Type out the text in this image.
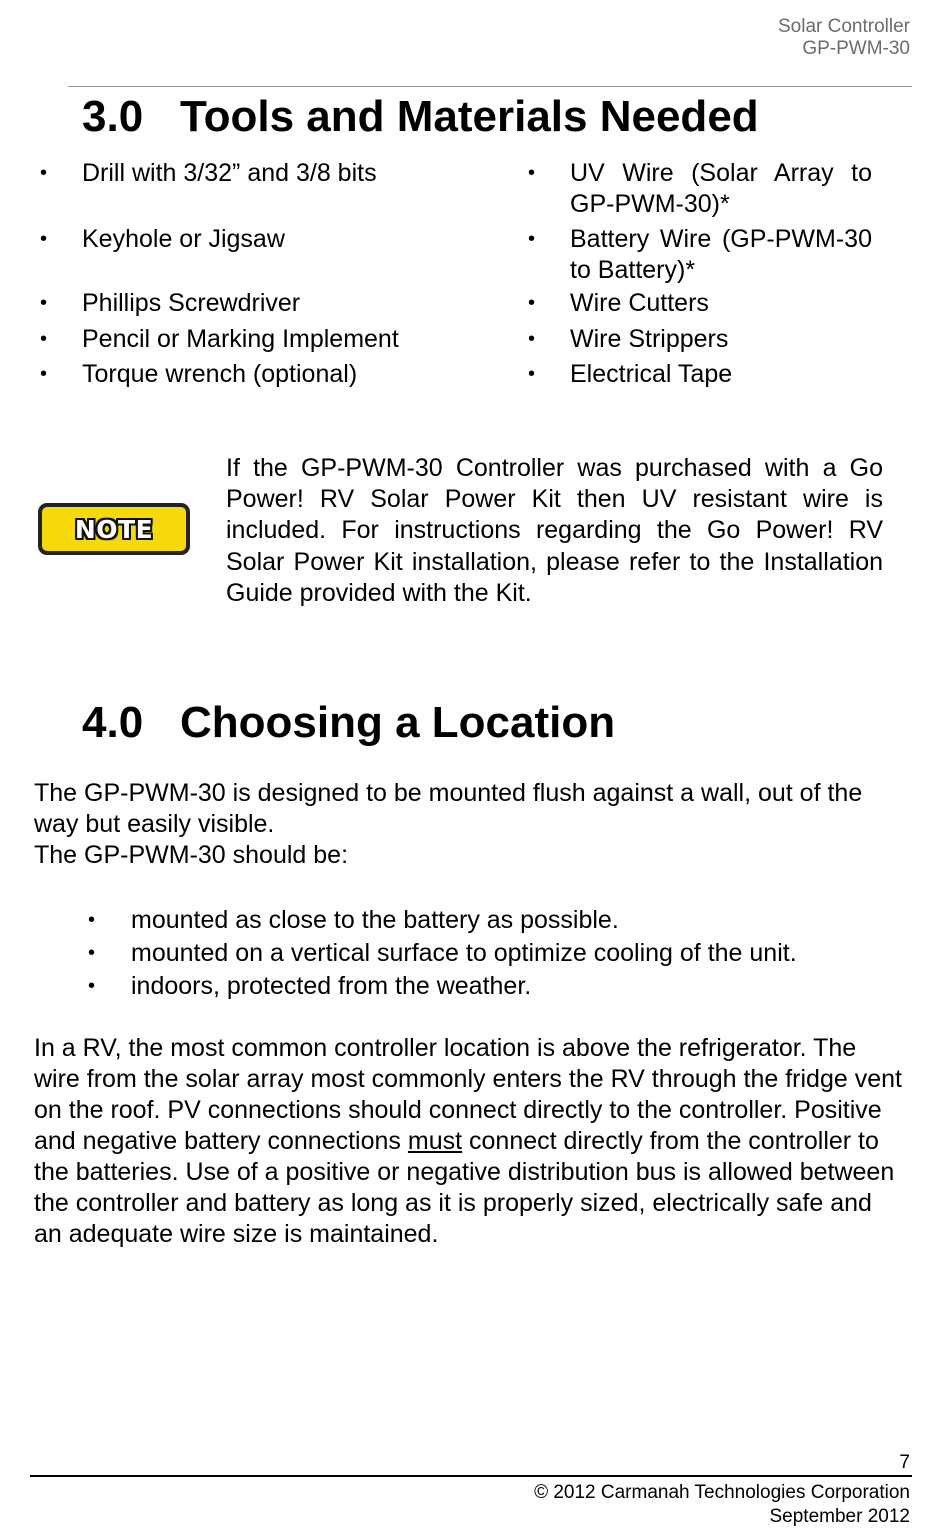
Solar Controller
GP-PWM-30
3.0 Tools and Materials Needed
• Drill with 3/32” and 3/8 bits
• Keyhole or Jigsaw
• Phillips Screwdriver
• Pencil or Marking Implement
• Torque wrench (optional)
• UV Wire (Solar Array to GP-PWM-30)*
• Battery Wire (GP-PWM-30 to Battery)*
• Wire Cutters
• Wire Strippers
• Electrical Tape
NOTE
If the GP-PWM-30 Controller was purchased with a Go Power! RV Solar Power Kit then UV resistant wire is included. For instructions regarding the Go Power! RV Solar Power Kit installation, please refer to the Installation Guide provided with the Kit.
4.0 Choosing a Location
The GP-PWM-30 is designed to be mounted flush against a wall, out of the way but easily visible.
The GP-PWM-30 should be:
• mounted as close to the battery as possible.
• mounted on a vertical surface to optimize cooling of the unit.
• indoors, protected from the weather.
In a RV, the most common controller location is above the refrigerator. The wire from the solar array most commonly enters the RV through the fridge vent on the roof. PV connections should connect directly to the controller. Positive and negative battery connections must connect directly from the controller to the batteries. Use of a positive or negative distribution bus is allowed between the controller and battery as long as it is properly sized, electrically safe and an adequate wire size is maintained.
7
© 2012 Carmanah Technologies Corporation
September 2012
